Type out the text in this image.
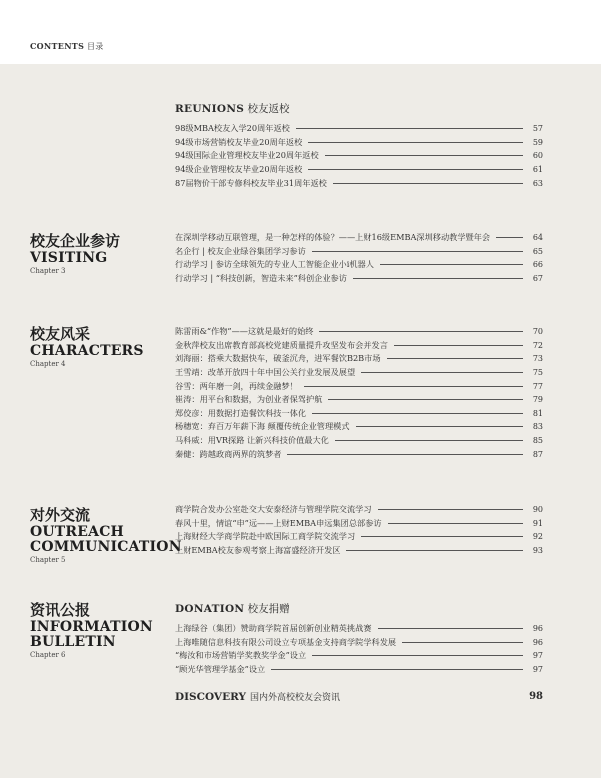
CONTENTS 目录
REUNIONS 校友返校
98级MBA校友入学20周年返校	57
94级市场营销校友毕业20周年返校	59
94级国际企业管理校友毕业20周年返校	60
94级企业管理校友毕业20周年返校	61
87届物价干部专修科校友毕业31周年返校	63
校友企业参访
VISITING
Chapter 3
在深圳学移动互联管理，是一种怎样的体验？——上财16级EMBA深圳移动教学暨年会	64
名企行 | 校友企业绿谷集团学习参访	65
行动学习 | 参访全球领先的专业人工智能企业小i机器人	66
行动学习 | “科技创新，智造未来”科创企业参访	67
校友风采
CHARACTERS
Chapter 4
陈雷雨&“作物”——这就是最好的始终	70
金秋萍校友出席教育部高校党建质量提升攻坚发布会并发言	72
刘海丽：搭乘大数据快车，破釜沉舟，进军餐饮B2B市场	73
王雪靖：改革开放四十年中国公关行业发展及展望	75
谷雪：两年磨一剑，再续金融梦！	77
崔涛：用平台和数据，为创业者保驾护航	79
郑佼彦：用数据打造餐饮科技一体化	81
杨穗宽：弃百万年薪下海 颠覆传统企业管理模式	83
马科威：用VR探路 让新兴科技价值最大化	85
秦健：跨越政商两界的筑梦者	87
对外交流
OUTREACH
COMMUNICATION
Chapter 5
商学院合发办公室赴交大安泰经济与管理学院交流学习	90
春风十里，情谊“申”远——上财EMBA申远集团总部参访	91
上海财经大学商学院赴中欧国际工商学院交流学习	92
上财EMBA校友参观考察上海富盛经济开发区	93
资讯公报
INFORMATION
BULLETIN
Chapter 6
DONATION 校友捐赠
上海绿谷（集团）赞助商学院首届创新创业精英挑战赛	96
上海唯随信息科技有限公司设立专项基金支持商学院学科发展	96
“梅汝和市场营销学奖教奖学金”设立	97
“顾光华管理学基金”设立	97
DISCOVERY 国内外高校校友会资讯	98
